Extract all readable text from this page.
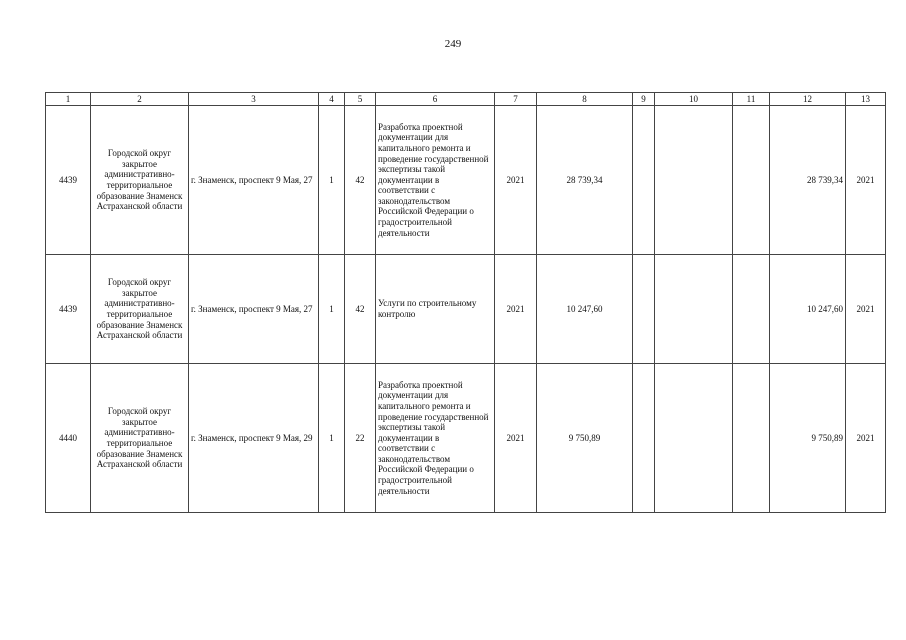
249
1	2	3	4	5	6	7	8	9	10	11	12	13
4439	Городской округ закрытое административно-территориальное образование Знаменск Астраханской области	г. Знаменск, проспект 9 Мая, 27	1	42	Разработка проектной документации для капитального ремонта и проведение государственной экспертизы такой документации в соответствии с законодательством Российской Федерации о градостроительной деятельности	2021	28 739,34				28 739,34	2021
4439	Городской округ закрытое административно-территориальное образование Знаменск Астраханской области	г. Знаменск, проспект 9 Мая, 27	1	42	Услуги по строительному контролю	2021	10 247,60				10 247,60	2021
4440	Городской округ закрытое административно-территориальное образование Знаменск Астраханской области	г. Знаменск, проспект 9 Мая, 29	1	22	Разработка проектной документации для капитального ремонта и проведение государственной экспертизы такой документации в соответствии с законодательством Российской Федерации о градостроительной деятельности	2021	9 750,89				9 750,89	2021
